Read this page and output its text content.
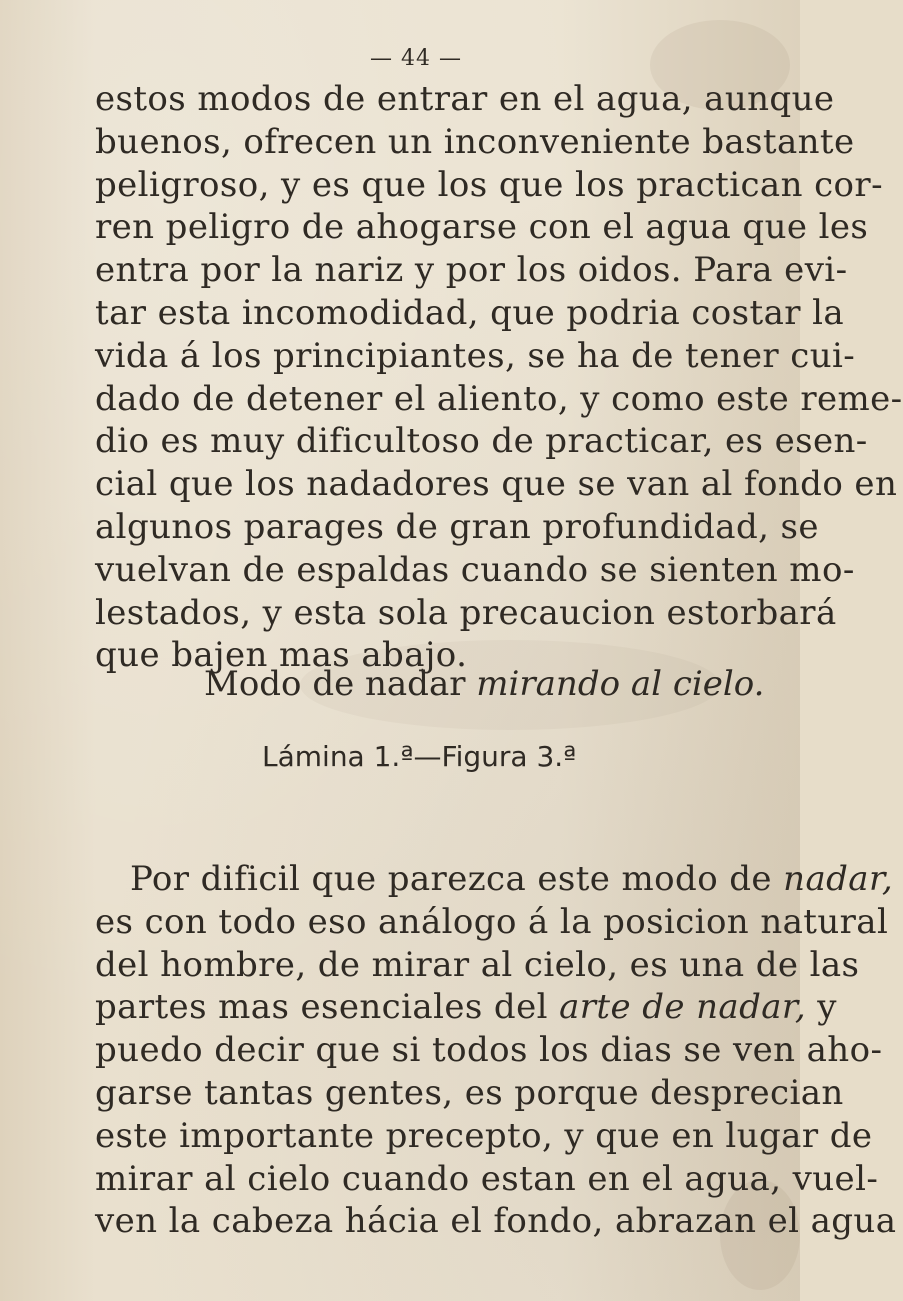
— 44 —
estos modos de entrar en el agua, aunque
buenos, ofrecen un inconveniente bastante
peligroso, y es que los que los practican cor-
ren peligro de ahogarse con el agua que les
entra por la nariz y por los oidos. Para evi-
tar esta incomodidad, que podria costar la
vida á los principiantes, se ha de tener cui-
dado de detener el aliento, y como este reme-
dio es muy dificultoso de practicar, es esen-
cial que los nadadores que se van al fondo en
algunos parages de gran profundidad, se
vuelvan de espaldas cuando se sienten mo-
lestados, y esta sola precaucion estorbará
que bajen mas abajo.
Modo de nadar mirando al cielo.
Lámina 1.ª—Figura 3.ª
Por dificil que parezca este modo de nadar,
es con todo eso análogo á la posicion natural
del hombre, de mirar al cielo, es una de las
partes mas esenciales del arte de nadar, y
puedo decir que si todos los dias se ven aho-
garse tantas gentes, es porque desprecian
este importante precepto, y que en lugar de
mirar al cielo cuando estan en el agua, vuel-
ven la cabeza hácia el fondo, abrazan el agua
